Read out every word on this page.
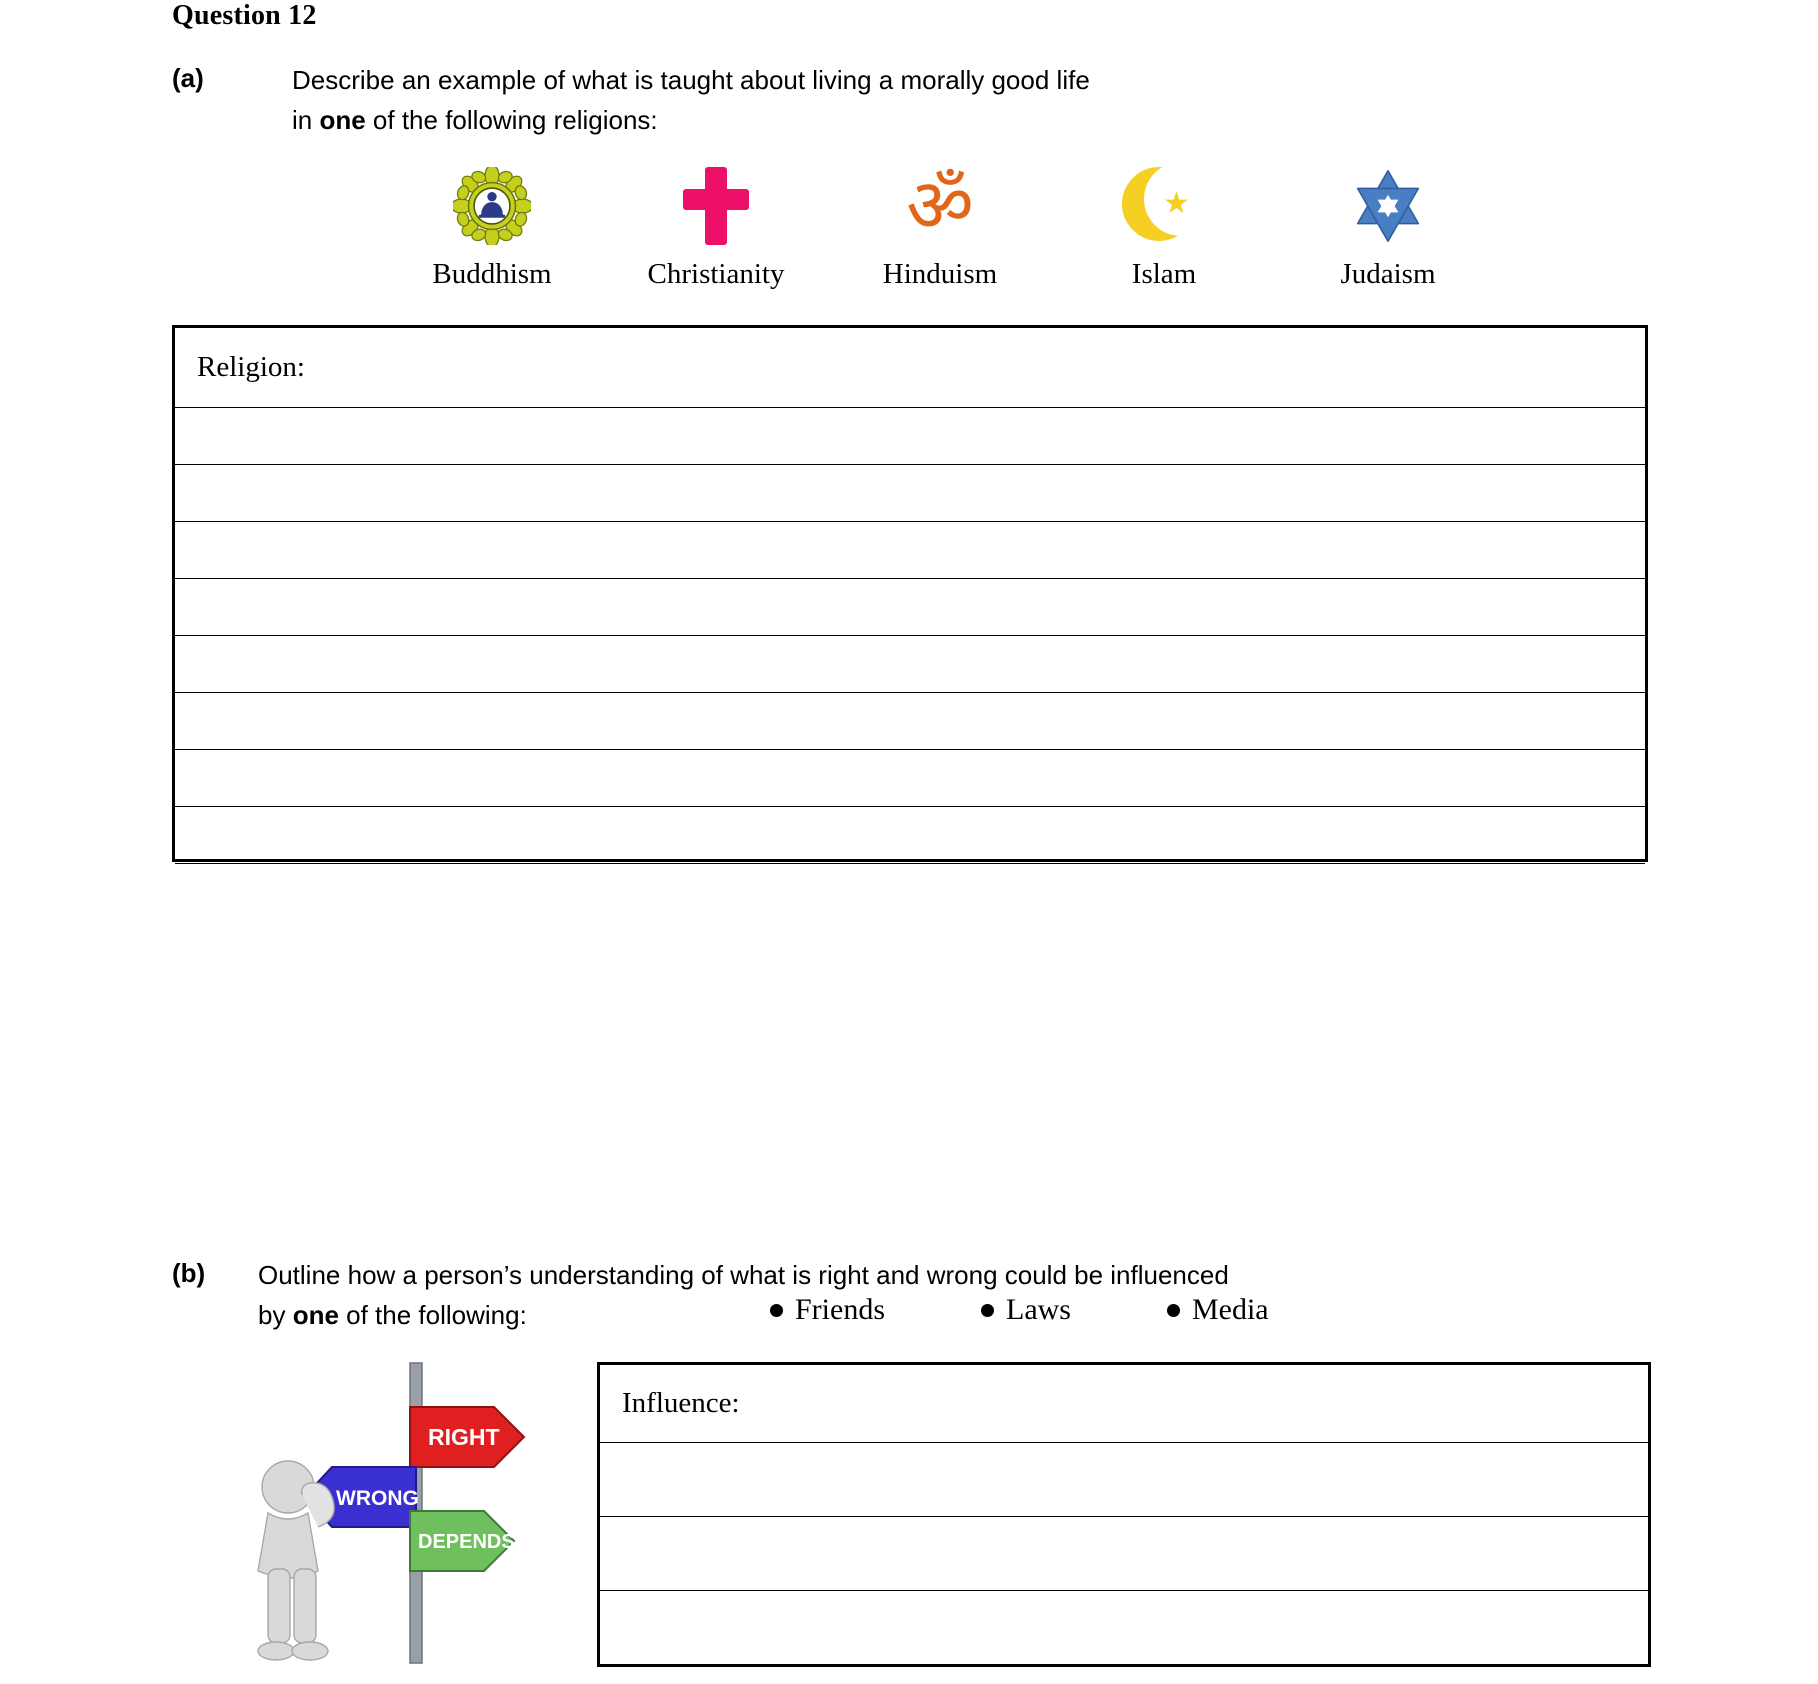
Question 12
(a)	Describe an example of what is taught about living a morally good life
in one of the following religions:
Buddhism	Christianity
ॐ
Hinduism
★
Islam	Judaism
Religion:
(b) Outline how a person’s understanding of what is right and wrong could be influenced
by one of the following:	Friends	Laws	Media
RIGHT
WRONG
DEPENDS
Influence:
